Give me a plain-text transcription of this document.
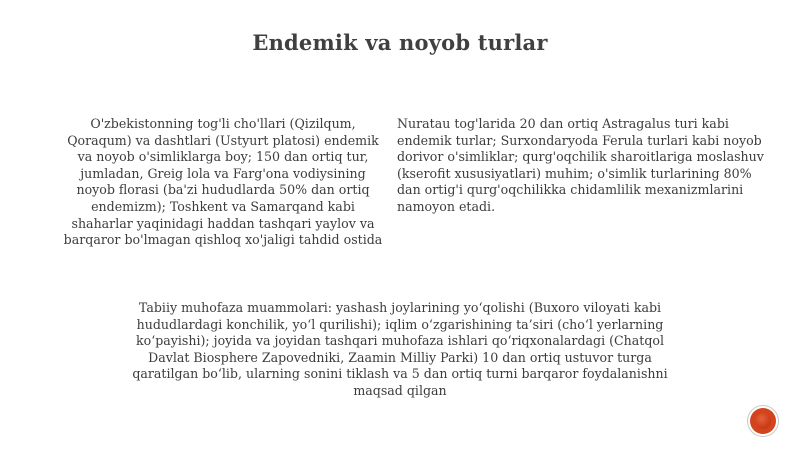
Endemik va noyob turlar
O'zbekistonning tog'li cho'llari (Qizilqum, Qoraqum) va dashtlari (Ustyurt platosi) endemik va noyob o'simliklarga boy; 150 dan ortiq tur, jumladan, Greig lola va Farg'ona vodiysining noyob florasi (ba'zi hududlarda 50% dan ortiq endemizm); Toshkent va Samarqand kabi shaharlar yaqinidagi haddan tashqari yaylov va barqaror bo'lmagan qishloq xo'jaligi tahdid ostida
Nuratau tog'larida 20 dan ortiq Astragalus turi kabi endemik turlar; Surxondaryoda Ferula turlari kabi noyob dorivor o'simliklar; qurg'oqchilik sharoitlariga moslashuv (kserofit xususiyatlari) muhim; o'simlik turlarining 80% dan ortig'i qurg'oqchilikka chidamlilik mexanizmlarini namoyon etadi.
Tabiiy muhofaza muammolari: yashash joylarining yo‘qolishi (Buxoro viloyati kabi hududlardagi konchilik, yo‘l qurilishi); iqlim o‘zgarishining ta’siri (cho‘l yerlarning ko‘payishi); joyida va joyidan tashqari muhofaza ishlari qo‘riqxonalardagi (Chatqol Davlat Biosphere Zapovedniki, Zaamin Milliy Parki) 10 dan ortiq ustuvor turga qaratilgan bo‘lib, ularning sonini tiklash va 5 dan ortiq turni barqaror foydalanishni maqsad qilgan
